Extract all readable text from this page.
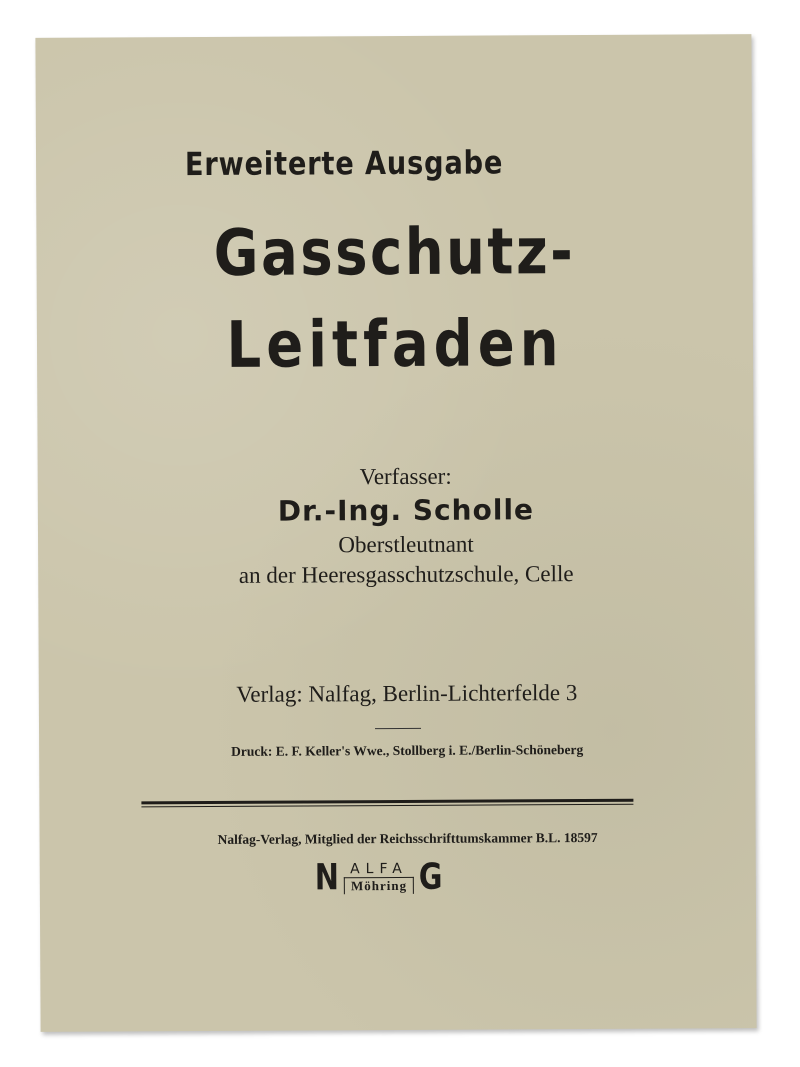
Erweiterte Ausgabe
Gasschutz-
Leitfaden
Verfasser:
Dr.-Ing. Scholle
Oberstleutnant
an der Heeresgasschutzschule, Celle
Verlag: Nalfag, Berlin-Lichterfelde 3
Druck: E. F. Keller's Wwe., Stollberg i. E./Berlin-Schöneberg
Nalfag-Verlag, Mitglied der Reichsschrifttumskammer B.L. 18597
N ALFA
Möhring G
